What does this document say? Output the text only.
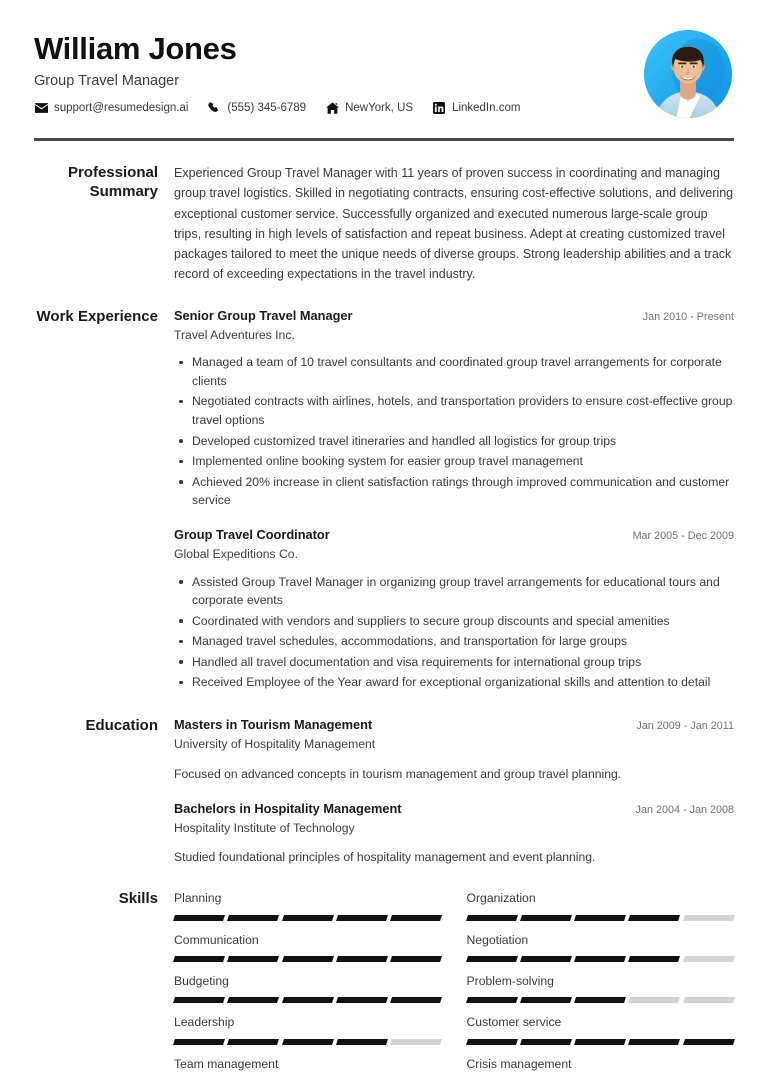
William Jones
Group Travel Manager
support@resumedesign.ai	(555) 345-6789	NewYork, US	LinkedIn.com
Professional Summary
Experienced Group Travel Manager with 11 years of proven success in coordinating and managing group travel logistics. Skilled in negotiating contracts, ensuring cost-effective solutions, and delivering exceptional customer service. Successfully organized and executed numerous large-scale group trips, resulting in high levels of satisfaction and repeat business. Adept at creating customized travel packages tailored to meet the unique needs of diverse groups. Strong leadership abilities and a track record of exceeding expectations in the travel industry.
Work Experience	Senior Group Travel Manager	Jan 2010 - Present
Travel Adventures Inc.
Managed a team of 10 travel consultants and coordinated group travel arrangements for corporate clients
Negotiated contracts with airlines, hotels, and transportation providers to ensure cost-effective group travel options
Developed customized travel itineraries and handled all logistics for group trips
Implemented online booking system for easier group travel management
Achieved 20% increase in client satisfaction ratings through improved communication and customer service
Group Travel Coordinator	Mar 2005 - Dec 2009
Global Expeditions Co.
Assisted Group Travel Manager in organizing group travel arrangements for educational tours and corporate events
Coordinated with vendors and suppliers to secure group discounts and special amenities
Managed travel schedules, accommodations, and transportation for large groups
Handled all travel documentation and visa requirements for international group trips
Received Employee of the Year award for exceptional organizational skills and attention to detail
Education	Masters in Tourism Management	Jan 2009 - Jan 2011
University of Hospitality Management
Focused on advanced concepts in tourism management and group travel planning.
Bachelors in Hospitality Management	Jan 2004 - Jan 2008
Hospitality Institute of Technology
Studied foundational principles of hospitality management and event planning.
Skills	Planning	Organization
Communication	Negotiation
Budgeting	Problem-solving
Leadership	Customer service
Team management	Crisis management
